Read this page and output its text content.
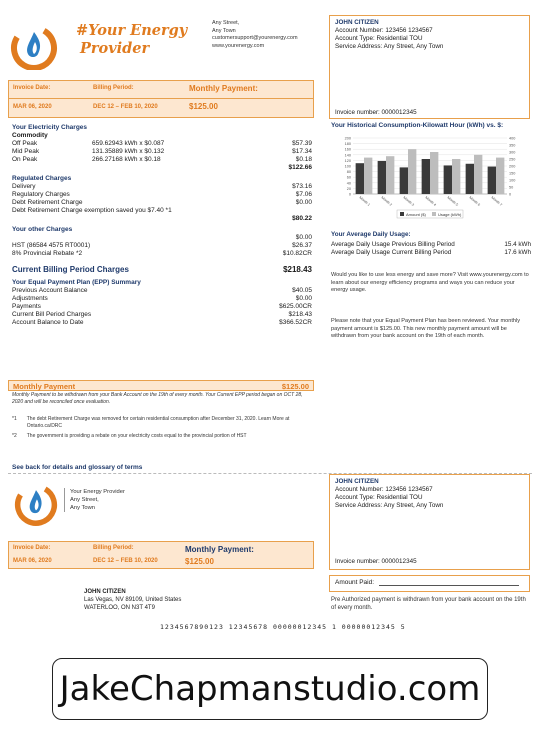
#Your Energy
Provider
Any Street,
Any Town
customersupport@yourenergy.com
www.yourenergy.com
JOHN CITIZEN
Account Number: 123456 1234567
Account Type: Residential TOU
Service Address: Any Street, Any Town
Invoice number: 0000012345
Invoice Date:	Billing Period:	Monthly Payment:
MAR 06, 2020	DEC 12 – FEB 10, 2020	$125.00
Your Electricity Charges
Commodity
Off Peak	659.62943 kWh x $0.087	$57.39
Mid Peak	131.35889 kWh x $0.132	$17.34
On Peak	266.27168 kWh x $0.18	$0.18
$122.66
Regulated Charges
Delivery	$73.16
Regulatory Charges	$7.06
Debt Retirement Charge	$0.00
Debt Retirement Charge exemption saved you $7.40 *1
$80.22
Your other Charges
$0.00
HST (86584 4575 RT0001)	$26.37
8% Provincial Rebate *2	$10.82CR
Current Billing Period Charges	$218.43
Your Equal Payment Plan (EPP) Summary
Previous Account Balance	$40.05
Adjustments	$0.00
Payments	$625.00CR
Current Bill Period Charges	$218.43
Account Balance to Date	$366.52CR
Monthly Payment	$125.00
Monthly Payment to be withdrawn from your Bank Account on the 19th of every month. Your Current EPP period began on OCT 28, 2020 and will be reconciled once evaluation.
*1 The debt Retirement Charge was removed for certain residential consumption after December 31, 2020. Learn More at Ontario.ca/DRC
*2 The government is providing a rebate on your electricity costs equal to the provincial portion of HST
See back for details and glossary of terms
Your Historical Consumption-Kilowatt Hour (kWh) vs. $:
200
180
160
140
120
100
80
60
40
20
0
400
350
300
250
200
150
100
50
0
Month 1	Month 2	Month 3	Month 4	Month 5	Month 6	Month 7
Amount ($)	Usage (kWh)
Your Average Daily Usage:
Average Daily Usage Previous Billing Period	15.4 kWh
Average Daily Usage Current Billing Period	17.6 kWh
Would you like to use less energy and save more? Visit www.yourenergy.com to learn about our energy efficiency programs and ways you can reduce your energy usage.
Please note that your Equal Payment Plan has been reviewed. Your monthly payment amount is $125.00. This new monthly payment amount will be withdrawn from your bank account on the 19th of each month.
Your Energy Provider
Any Street,
Any Town
JOHN CITIZEN
Account Number: 123456 1234567
Account Type: Residential TOU
Service Address: Any Street, Any Town
Invoice number: 0000012345
Invoice Date:	Billing Period:	Monthly Payment:
MAR 06, 2020	DEC 12 – FEB 10, 2020	$125.00
Amount Paid:
Pre Authorized payment is withdrawn from your bank account on the 19th of every month.
JOHN CITIZEN
Las Vegas, NV 89109, United States
WATERLOO, ON N3T 4T9
1234567890123 12345678 00000012345 1 00000012345 5
JakeChapmanstudio.com
